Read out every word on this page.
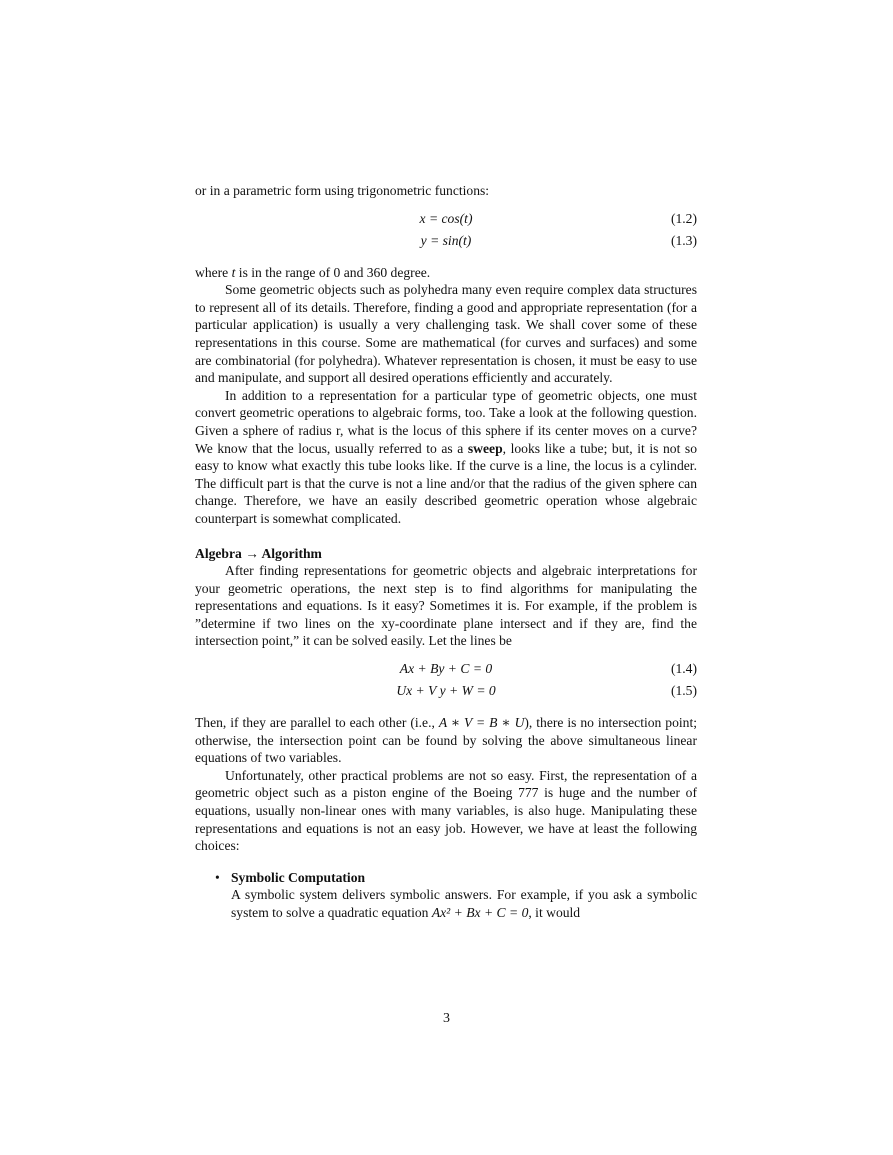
or in a parametric form using trigonometric functions:

x = cos(t)	(1.2)
y = sin(t)	(1.3)

where t is in the range of 0 and 360 degree.

Some geometric objects such as polyhedra many even require complex data structures to represent all of its details. Therefore, finding a good and appropriate representation (for a particular application) is usually a very challenging task. We shall cover some of these representations in this course. Some are mathematical (for curves and surfaces) and some are combinatorial (for polyhedra). Whatever representation is chosen, it must be easy to use and manipulate, and support all desired operations efficiently and accurately.

In addition to a representation for a particular type of geometric objects, one must convert geometric operations to algebraic forms, too. Take a look at the following question. Given a sphere of radius r, what is the locus of this sphere if its center moves on a curve? We know that the locus, usually referred to as a sweep, looks like a tube; but, it is not so easy to know what exactly this tube looks like. If the curve is a line, the locus is a cylinder. The difficult part is that the curve is not a line and/or that the radius of the given sphere can change. Therefore, we have an easily described geometric operation whose algebraic counterpart is somewhat complicated.

Algebra → Algorithm

After finding representations for geometric objects and algebraic interpretations for your geometric operations, the next step is to find algorithms for manipulating the representations and equations. Is it easy? Sometimes it is. For example, if the problem is ”determine if two lines on the xy-coordinate plane intersect and if they are, find the intersection point,” it can be solved easily. Let the lines be

Ax + By + C = 0	(1.4)
Ux + V y + W = 0	(1.5)

Then, if they are parallel to each other (i.e., A ∗ V = B ∗ U), there is no intersection point; otherwise, the intersection point can be found by solving the above simultaneous linear equations of two variables.

Unfortunately, other practical problems are not so easy. First, the representation of a geometric object such as a piston engine of the Boeing 777 is huge and the number of equations, usually non-linear ones with many variables, is also huge. Manipulating these representations and equations is not an easy job. However, we have at least the following choices:

• Symbolic Computation

A symbolic system delivers symbolic answers. For example, if you ask a symbolic system to solve a quadratic equation Ax² + Bx + C = 0, it would

3
